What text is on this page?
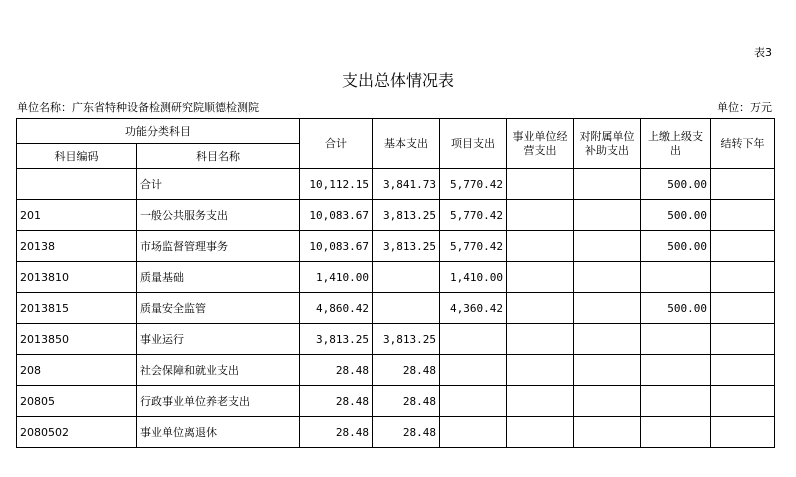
表3
支出总体情况表
单位名称：广东省特种设备检测研究院顺德检测院	单位：万元
功能分类科目		合计	基本支出	项目支出	事业单位经营支出	对附属单位补助支出	上缴上级支出	结转下年
科目编码	科目名称							
	合计	10,112.15	3,841.73	5,770.42			500.00	
201	一般公共服务支出	10,083.67	3,813.25	5,770.42			500.00	
20138	市场监督管理事务	10,083.67	3,813.25	5,770.42			500.00	
2013810	质量基础	1,410.00		1,410.00				
2013815	质量安全监管	4,860.42		4,360.42			500.00	
2013850	事业运行	3,813.25	3,813.25					
208	社会保障和就业支出	28.48	28.48					
20805	行政事业单位养老支出	28.48	28.48					
2080502	事业单位离退休	28.48	28.48					
